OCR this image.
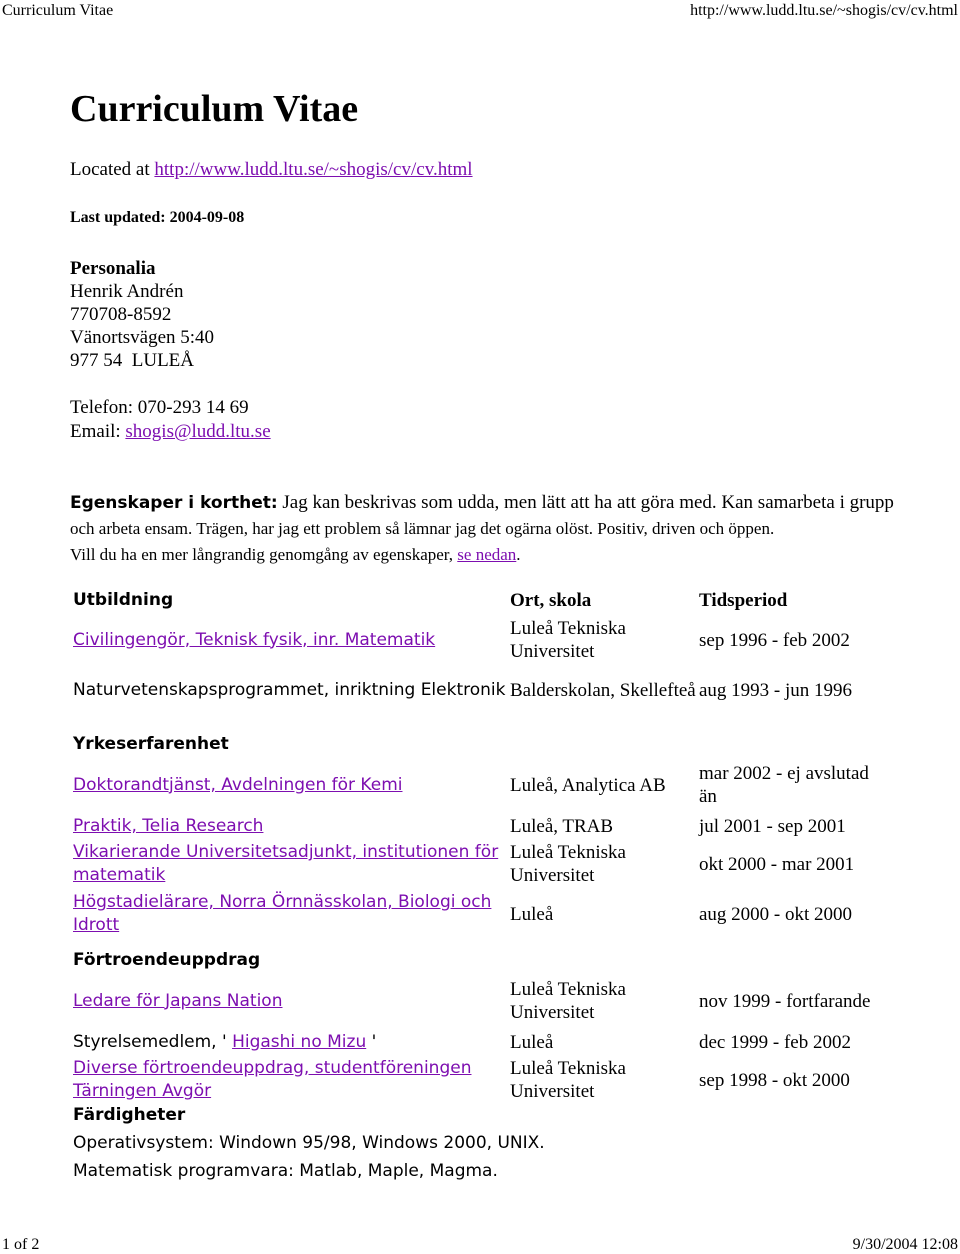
Curriculum Vitae	http://www.ludd.ltu.se/~shogis/cv/cv.html
Curriculum Vitae
Located at http://www.ludd.ltu.se/~shogis/cv/cv.html
Last updated: 2004-09-08
Personalia
Henrik Andrén
770708-8592
Vänortsvägen 5:40
977 54  LULEÅ
Telefon: 070-293 14 69
Email: shogis@ludd.ltu.se
Egenskaper i korthet: Jag kan beskrivas som udda, men lätt att ha att göra med. Kan samarbeta i grupp
och arbeta ensam. Trägen, har jag ett problem så lämnar jag det ogärna olöst. Positiv, driven och öppen.
Vill du ha en mer långrandig genomgång av egenskaper, se nedan.
Utbildning	Ort, skola	Tidsperiod
Civilingengör, Teknisk fysik, inr. Matematik	Luleå Tekniska Universitet	sep 1996 - feb 2002
Naturvetenskapsprogrammet, inriktning Elektronik	Balderskolan, Skellefteå	aug 1993 - jun 1996
Yrkeserfarenhet		
Doktorandtjänst, Avdelningen för Kemi	Luleå, Analytica AB	mar 2002 - ej avslutad än
Praktik, Telia Research	Luleå, TRAB	jul 2001 - sep 2001
Vikarierande Universitetsadjunkt, institutionen för matematik	Luleå Tekniska Universitet	okt 2000 - mar 2001
Högstadielärare, Norra Örnnässkolan, Biologi och Idrott	Luleå	aug 2000 - okt 2000
Förtroendeuppdrag		
Ledare för Japans Nation	Luleå Tekniska Universitet	nov 1999 - fortfarande
Styrelsemedlem, ' Higashi no Mizu '	Luleå	dec 1999 - feb 2002
Diverse förtroendeuppdrag, studentföreningen Tärningen Avgör	Luleå Tekniska Universitet	sep 1998 - okt 2000
Färdigheter
Operativsystem: Windown 95/98, Windows 2000, UNIX.
Matematisk programvara: Matlab, Maple, Magma.
1 of 2	9/30/2004 12:08
